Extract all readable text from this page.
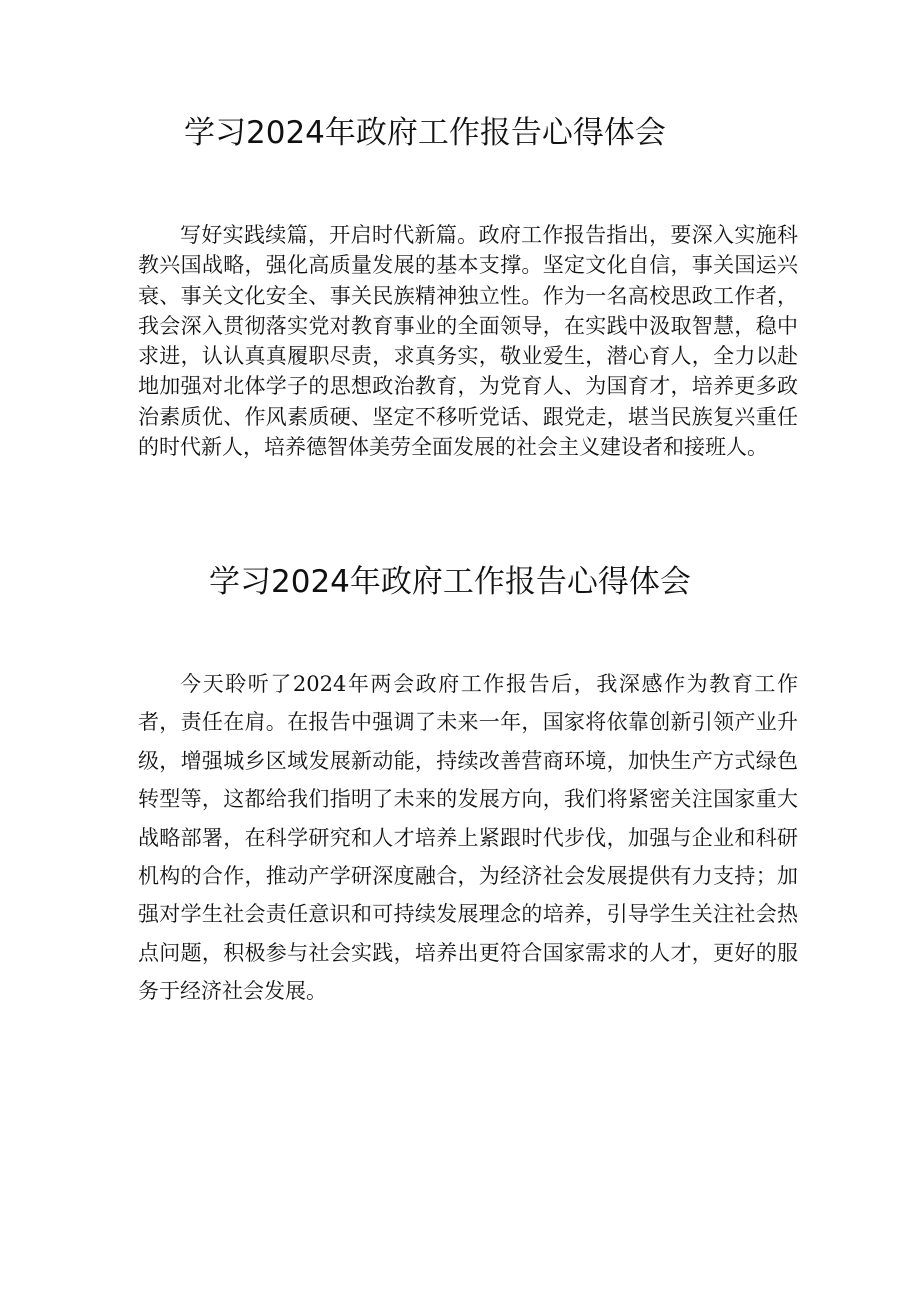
学习2024年政府工作报告心得体会

写好实践续篇，开启时代新篇。政府工作报告指出，要深入实施科教兴国战略，强化高质量发展的基本支撑。坚定文化自信，事关国运兴衰、事关文化安全、事关民族精神独立性。作为一名高校思政工作者，我会深入贯彻落实党对教育事业的全面领导，在实践中汲取智慧，稳中求进，认认真真履职尽责，求真务实，敬业爱生，潜心育人，全力以赴地加强对北体学子的思想政治教育，为党育人、为国育才，培养更多政治素质优、作风素质硬、坚定不移听党话、跟党走，堪当民族复兴重任的时代新人，培养德智体美劳全面发展的社会主义建设者和接班人。

学习2024年政府工作报告心得体会

今天聆听了2024年两会政府工作报告后，我深感作为教育工作者，责任在肩。在报告中强调了未来一年，国家将依靠创新引领产业升级，增强城乡区域发展新动能，持续改善营商环境，加快生产方式绿色转型等，这都给我们指明了未来的发展方向，我们将紧密关注国家重大战略部署，在科学研究和人才培养上紧跟时代步伐，加强与企业和科研机构的合作，推动产学研深度融合，为经济社会发展提供有力支持；加强对学生社会责任意识和可持续发展理念的培养，引导学生关注社会热点问题，积极参与社会实践，培养出更符合国家需求的人才，更好的服务于经济社会发展。
